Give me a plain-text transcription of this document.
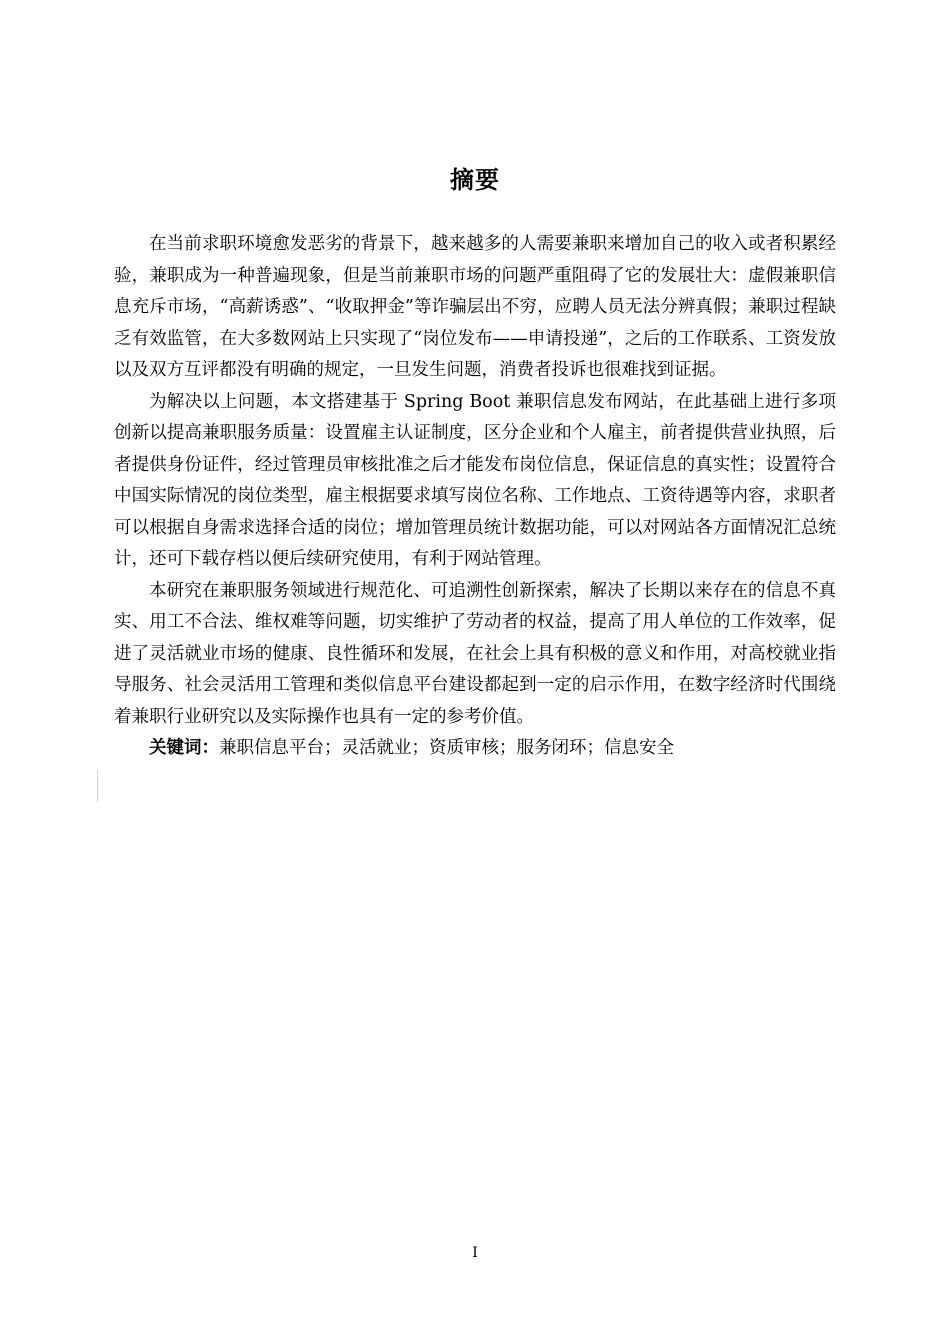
摘要

在当前求职环境愈发恶劣的背景下，越来越多的人需要兼职来增加自己的收入或者积累经验，兼职成为一种普遍现象，但是当前兼职市场的问题严重阻碍了它的发展壮大：虚假兼职信息充斥市场，“高薪诱惑”、“收取押金”等诈骗层出不穷，应聘人员无法分辨真假；兼职过程缺乏有效监管，在大多数网站上只实现了“岗位发布——申请投递”，之后的工作联系、工资发放以及双方互评都没有明确的规定，一旦发生问题，消费者投诉也很难找到证据。

为解决以上问题，本文搭建基于 Spring Boot 兼职信息发布网站，在此基础上进行多项创新以提高兼职服务质量：设置雇主认证制度，区分企业和个人雇主，前者提供营业执照，后者提供身份证件，经过管理员审核批准之后才能发布岗位信息，保证信息的真实性；设置符合中国实际情况的岗位类型，雇主根据要求填写岗位名称、工作地点、工资待遇等内容，求职者可以根据自身需求选择合适的岗位；增加管理员统计数据功能，可以对网站各方面情况汇总统计，还可下载存档以便后续研究使用，有利于网站管理。

本研究在兼职服务领域进行规范化、可追溯性创新探索，解决了长期以来存在的信息不真实、用工不合法、维权难等问题，切实维护了劳动者的权益，提高了用人单位的工作效率，促进了灵活就业市场的健康、良性循环和发展，在社会上具有积极的意义和作用，对高校就业指导服务、社会灵活用工管理和类似信息平台建设都起到一定的启示作用，在数字经济时代围绕着兼职行业研究以及实际操作也具有一定的参考价值。

关键词：兼职信息平台；灵活就业；资质审核；服务闭环；信息安全

I
